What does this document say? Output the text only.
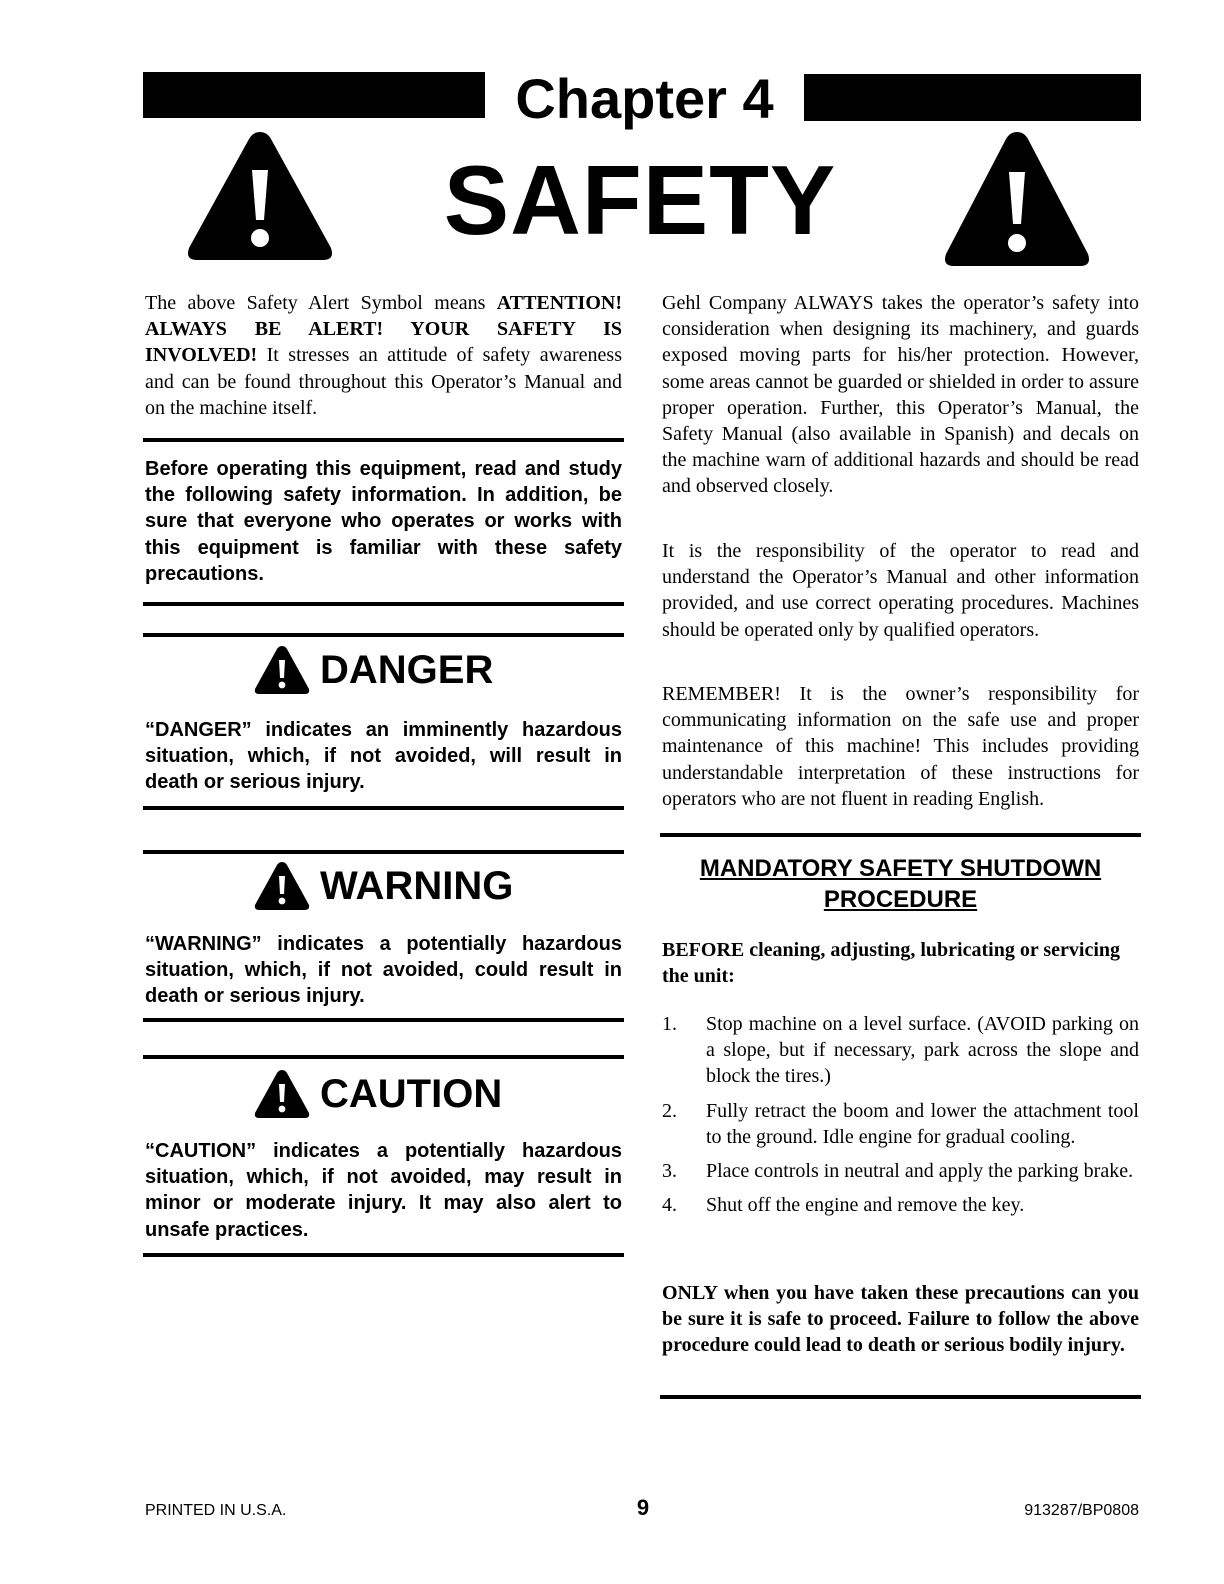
Chapter 4
SAFETY

The above Safety Alert Symbol means ATTENTION! ALWAYS BE ALERT! YOUR SAFETY IS INVOLVED! It stresses an attitude of safety awareness and can be found throughout this Operator’s Manual and on the machine itself.

Before operating this equipment, read and study the following safety information. In addition, be sure that everyone who operates or works with this equipment is familiar with these safety precautions.

DANGER

“DANGER” indicates an imminently hazardous situation, which, if not avoided, will result in death or serious injury.

WARNING

“WARNING” indicates a potentially hazardous situation, which, if not avoided, could result in death or serious injury.

CAUTION

“CAUTION” indicates a potentially hazardous situation, which, if not avoided, may result in minor or moderate injury. It may also alert to unsafe practices.

Gehl Company ALWAYS takes the operator’s safety into consideration when designing its machinery, and guards exposed moving parts for his/her protection. However, some areas cannot be guarded or shielded in order to assure proper operation. Further, this Operator’s Manual, the Safety Manual (also available in Spanish) and decals on the machine warn of additional hazards and should be read and observed closely.

It is the responsibility of the operator to read and understand the Operator’s Manual and other information provided, and use correct operating procedures. Machines should be operated only by qualified operators.

REMEMBER! It is the owner’s responsibility for communicating information on the safe use and proper maintenance of this machine! This includes providing understandable interpretation of these instructions for operators who are not fluent in reading English.

MANDATORY SAFETY SHUTDOWN
PROCEDURE

BEFORE cleaning, adjusting, lubricating or servicing the unit:

1.	Stop machine on a level surface. (AVOID parking on a slope, but if necessary, park across the slope and block the tires.)
2.	Fully retract the boom and lower the attachment tool to the ground. Idle engine for gradual cooling.
3.	Place controls in neutral and apply the parking brake.
4.	Shut off the engine and remove the key.

ONLY when you have taken these precautions can you be sure it is safe to proceed. Failure to follow the above procedure could lead to death or serious bodily injury.

PRINTED IN U.S.A.	9	913287/BP0808
